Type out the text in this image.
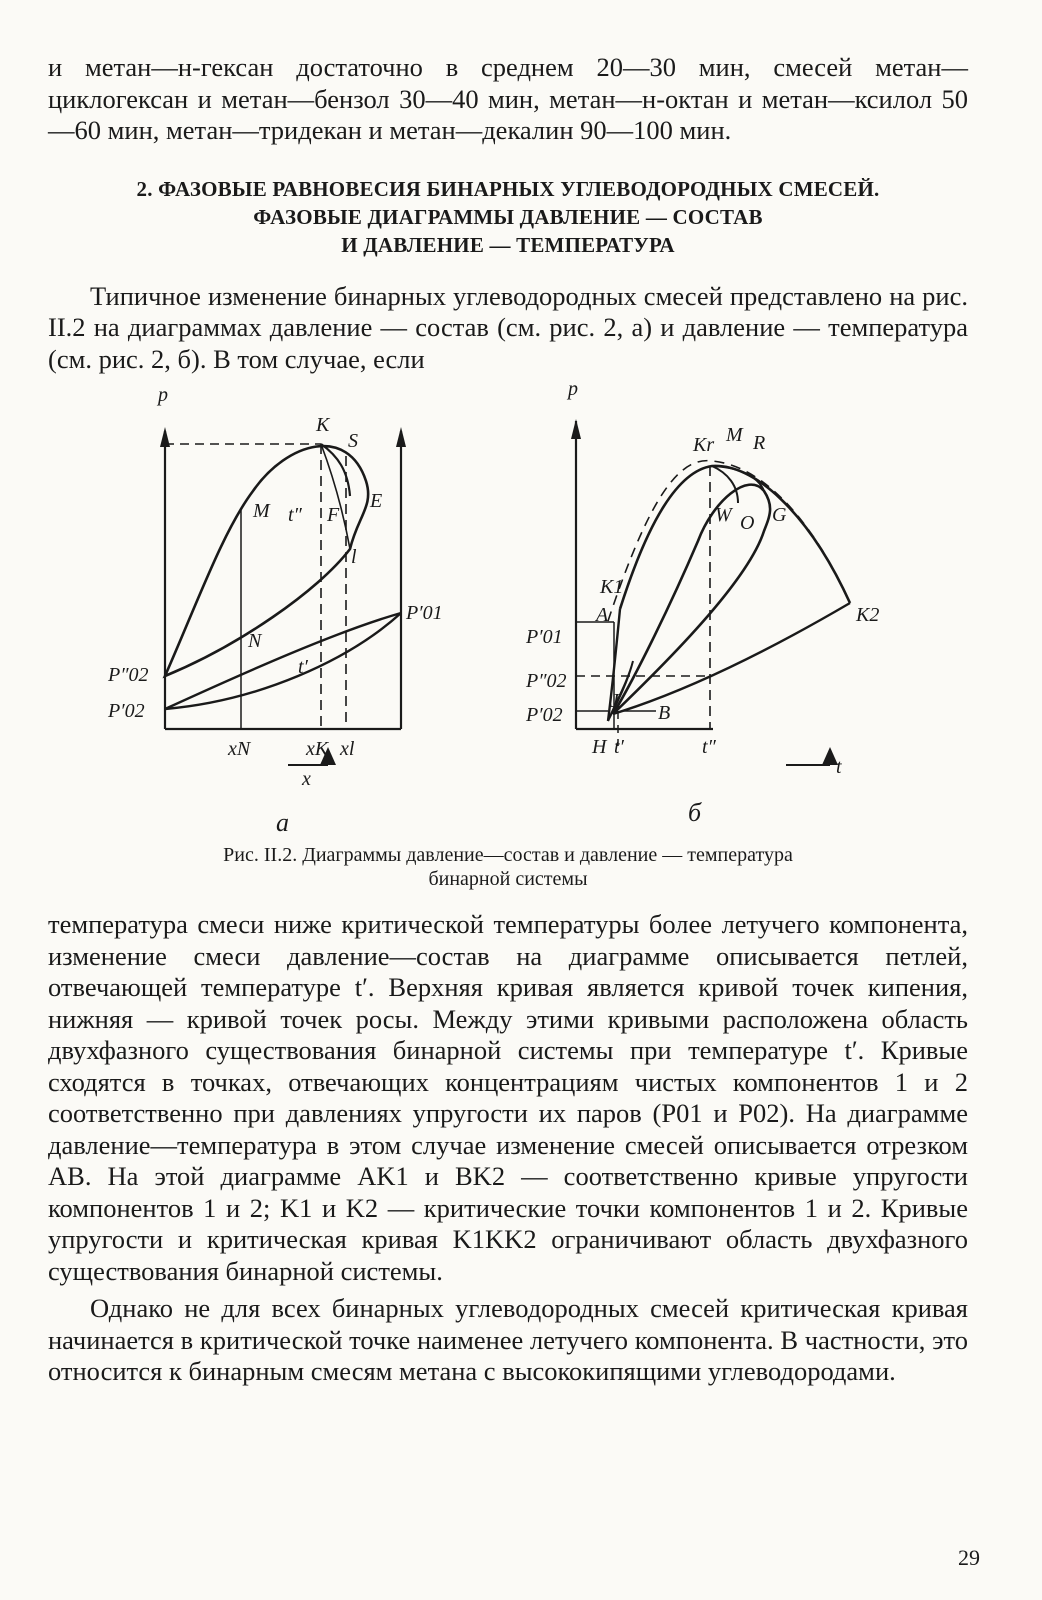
и метан—н-гексан достаточно в среднем 20—30 мин, смесей метан—циклогексан и метан—бензол 30—40 мин, метан—н-октан и метан—ксилол 50—60 мин, метан—тридекан и метан—декалин 90—100 мин.

2. ФАЗОВЫЕ РАВНОВЕСИЯ БИНАРНЫХ УГЛЕВОДОРОДНЫХ СМЕСЕЙ.
ФАЗОВЫЕ ДИАГРАММЫ ДАВЛЕНИЕ — СОСТАВ
И ДАВЛЕНИЕ — ТЕМПЕРАТУРА

Типичное изменение бинарных углеводородных смесей представлено на рис. II.2 на диаграммах давление — состав (см. рис. 2, а) и давление — температура (см. рис. 2, б). В том случае, если

p
K
S
M t″ F
E
l
N
t′
P′01
P″02
P′02
xN	xK xl
x
а
p
Kr M R
W O G
K1
A	K2
J
B
P′01
P″02
P′02
H t′	t″
t
б
Рис. II.2. Диаграммы давление—состав и давление — температура
бинарной системы

температура смеси ниже критической температуры более летучего компонента, изменение смеси давление—состав на диаграмме описывается петлей, отвечающей температуре t′. Верхняя кривая является кривой точек кипения, нижняя — кривой точек росы. Между этими кривыми расположена область двухфазного существования бинарной системы при температуре t′. Кривые сходятся в точках, отвечающих концентрациям чистых компонентов 1 и 2 соответственно при давлениях упругости их паров (P01 и P02). На диаграмме давление—температура в этом случае изменение смесей описывается отрезком AB. На этой диаграмме AK1 и BK2 — соответственно кривые упругости компонентов 1 и 2; K1 и K2 — критические точки компонентов 1 и 2. Кривые упругости и критическая кривая K1KK2 ограничивают область двухфазного существования бинарной системы.

Однако не для всех бинарных углеводородных смесей критическая кривая начинается в критической точке наименее летучего компонента. В частности, это относится к бинарным смесям метана с высококипящими углеводородами.

29
